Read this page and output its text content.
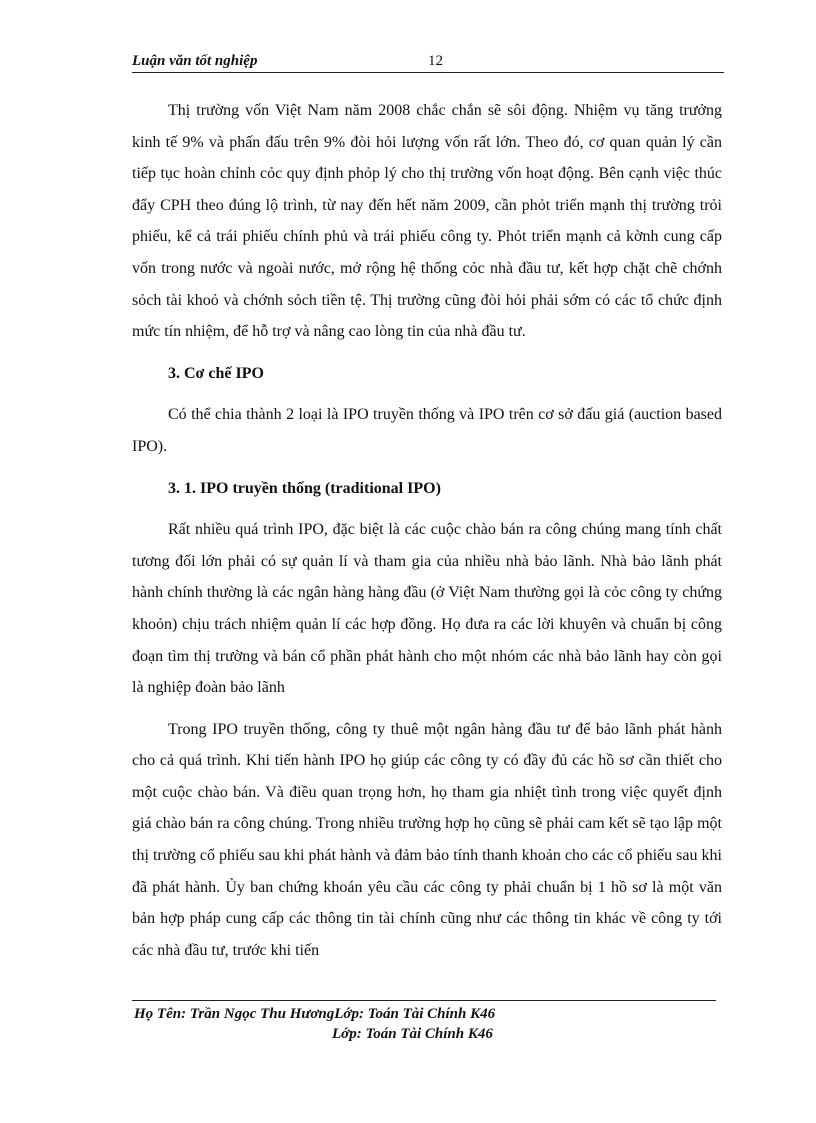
Luận văn tốt nghiệp	12

Thị trường vốn Việt Nam năm 2008 chắc chắn sẽ sôi động. Nhiệm vụ tăng trưởng kinh tế 9% và phấn đấu trên 9% đòi hỏi lượng vốn rất lớn. Theo đó, cơ quan quản lý cần tiếp tục hoàn chỉnh cỏc quy định phỏp lý cho thị trường vốn hoạt động. Bên cạnh việc thúc đẩy CPH theo đúng lộ trình, từ nay đến hết năm 2009, cần phỏt triển mạnh thị trường trỏi phiếu, kể cả trái phiếu chính phủ và trái phiếu công ty. Phỏt triển mạnh cả kờnh cung cấp vốn trong nước và ngoài nước, mở rộng hệ thống cỏc nhà đầu tư, kết hợp chặt chẽ chớnh sỏch tài khoỏ và chớnh sỏch tiền tệ. Thị trường cũng đòi hỏi phải sớm có các tổ chức định mức tín nhiệm, để hỗ trợ và nâng cao lòng tin của nhà đầu tư.

3. Cơ chế IPO

Có thể chia thành 2 loại là IPO truyền thống và IPO trên cơ sở đấu giá (auction based IPO).

3. 1. IPO truyền thống (traditional IPO)

Rất nhiều quá trình IPO, đặc biệt là các cuộc chào bán ra công chúng mang tính chất tương đối lớn phải có sự quản lí và tham gia của nhiều nhà bảo lãnh. Nhà bảo lãnh phát hành chính thường là các ngân hàng hàng đầu (ở Việt Nam thường gọi là cỏc công ty chứng khoỏn) chịu trách nhiệm quản lí các hợp đồng. Họ đưa ra các lời khuyên và chuẩn bị công đoạn tìm thị trường và bán cổ phần phát hành cho một nhóm các nhà bảo lãnh hay còn gọi là nghiệp đoàn bảo lãnh

Trong IPO truyền thống, công ty thuê một ngân hàng đầu tư để bảo lãnh phát hành cho cả quá trình. Khi tiến hành IPO họ giúp các công ty có đầy đủ các hồ sơ cần thiết cho một cuộc chào bán. Và điều quan trọng hơn, họ tham gia nhiệt tình trong việc quyết định giá chào bán ra công chúng. Trong nhiều trường hợp họ cũng sẽ phải cam kết sẽ tạo lập một thị trường cổ phiếu sau khi phát hành và đảm bảo tính thanh khoản cho các cổ phiếu sau khi đã phát hành. Ủy ban chứng khoán yêu cầu các công ty phải chuẩn bị 1 hồ sơ là một văn bản hợp pháp cung cấp các thông tin tài chính cũng như các thông tin khác về công ty tới các nhà đầu tư, trước khi tiến

Họ Tên: Trần Ngọc Thu HươngLớp: Toán Tài Chính K46
Lớp: Toán Tài Chính K46
